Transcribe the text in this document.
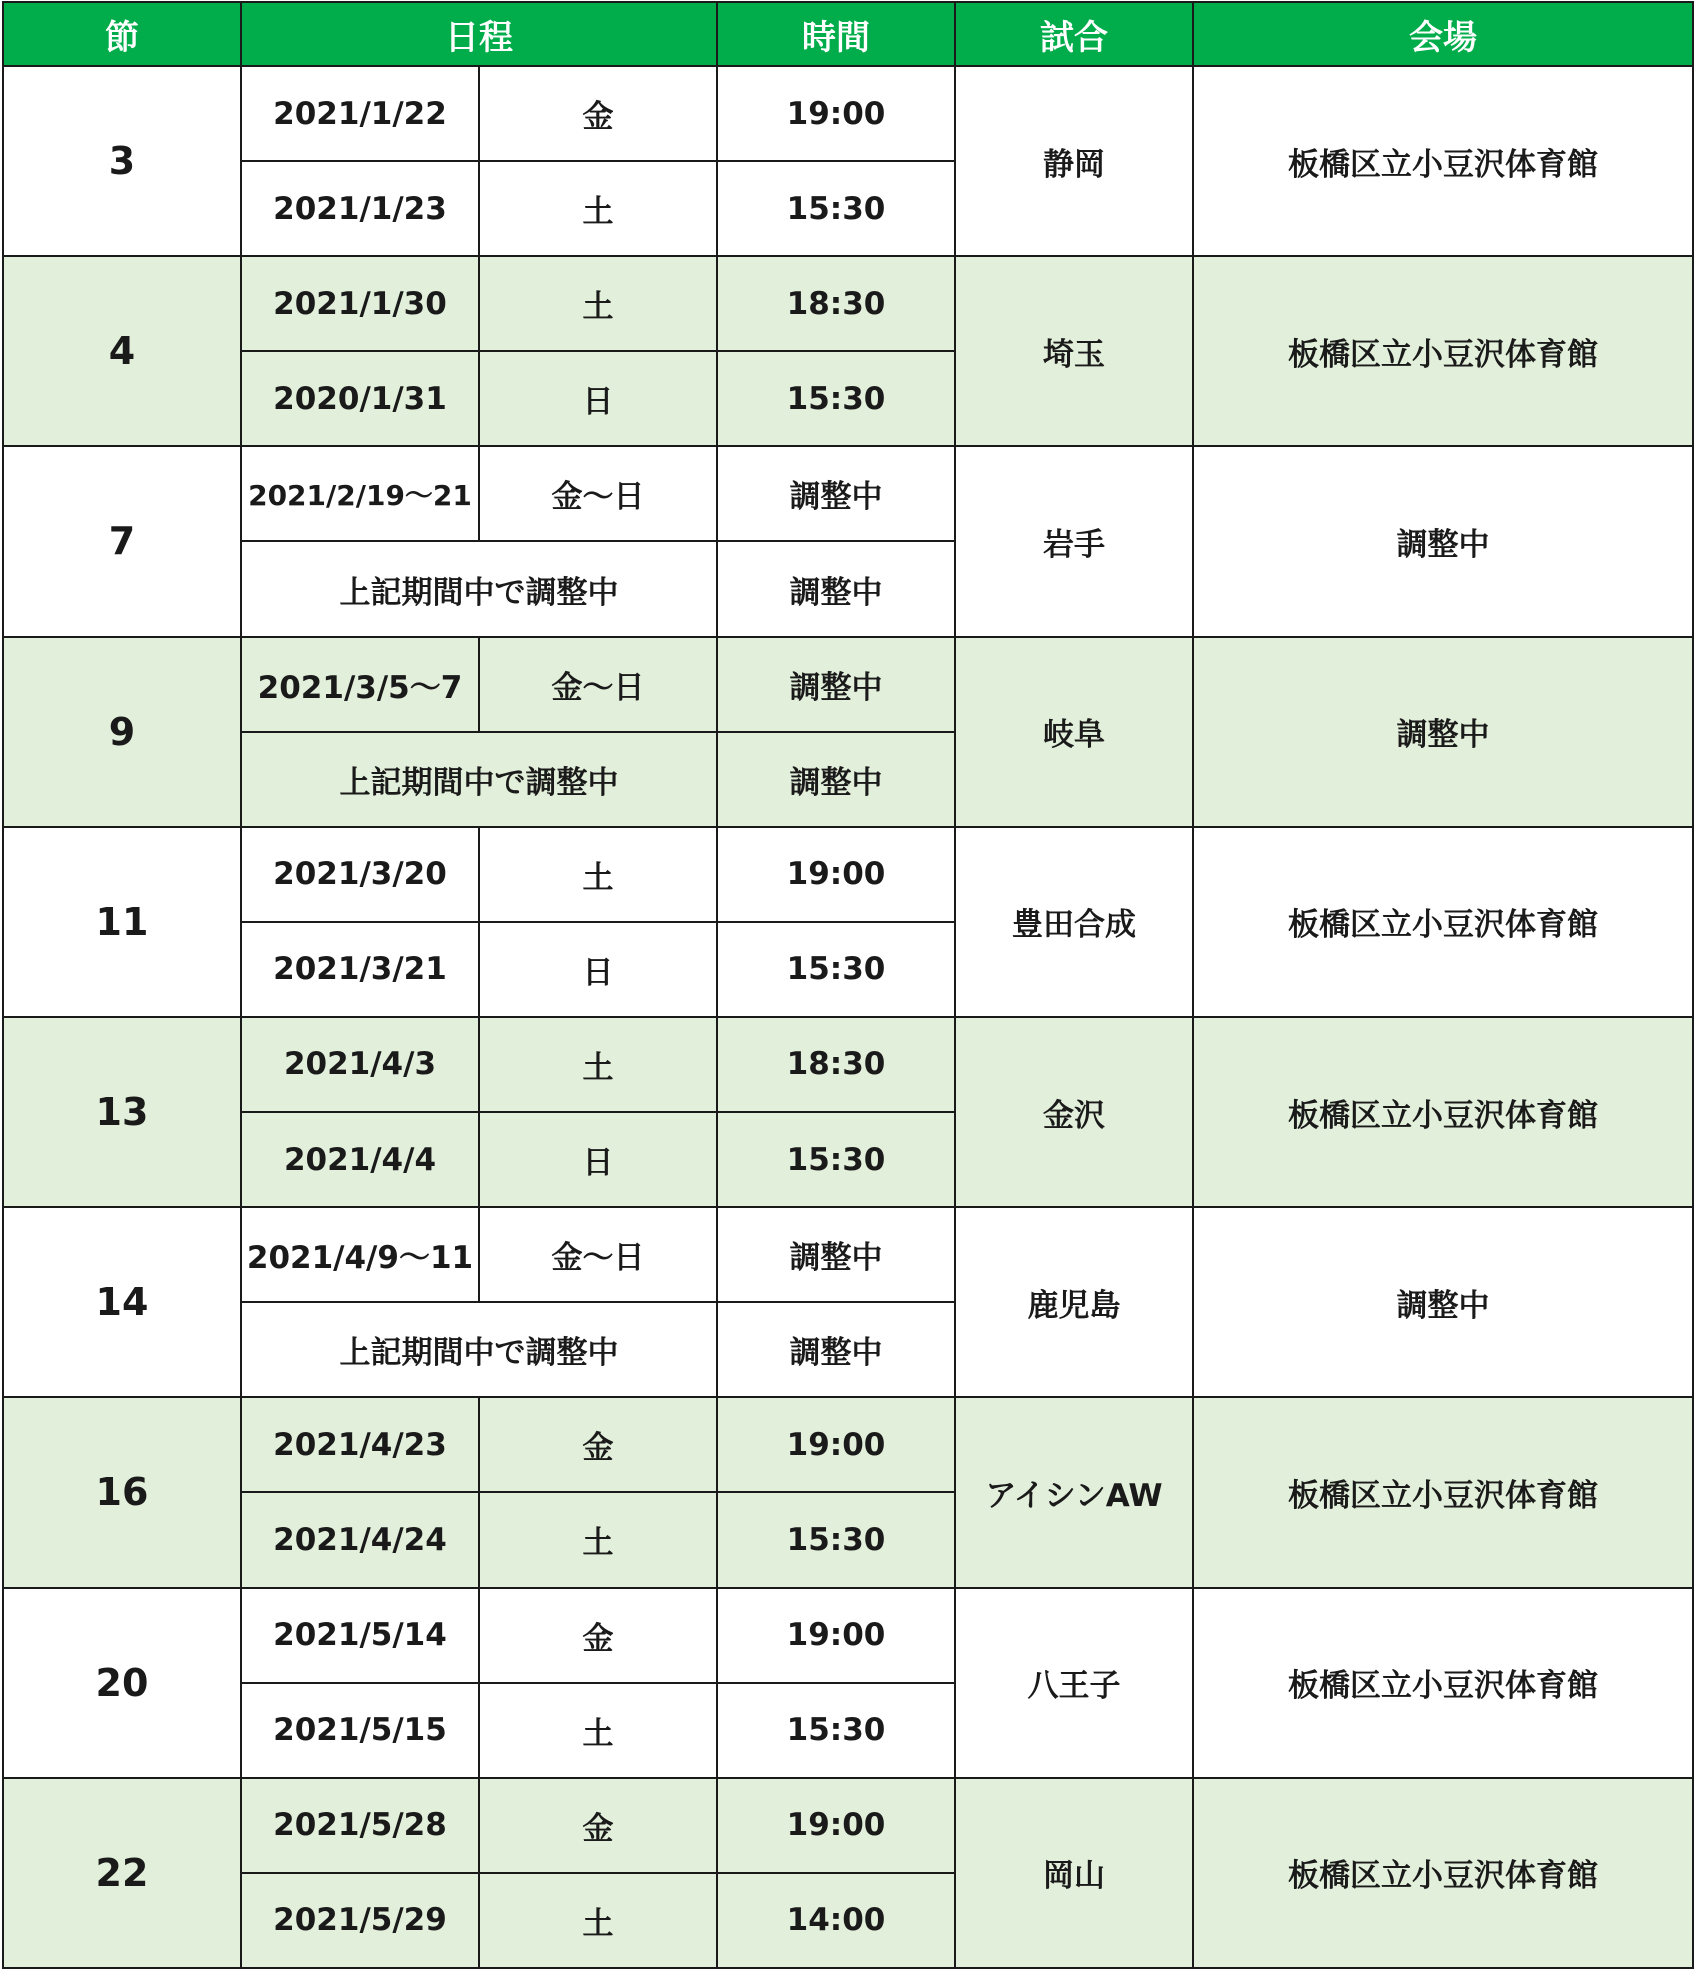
節	日程		時間	試合	会場
3	2021/1/22	金	19:00	静岡	板橋区立小豆沢体育館
	2021/1/23	土	15:30		
4	2021/1/30	土	18:30	埼玉	板橋区立小豆沢体育館
	2020/1/31	日	15:30		
7	2021/2/19～21	金～日	調整中	岩手	調整中
	上記期間中で調整中		調整中		
9	2021/3/5～7	金～日	調整中	岐阜	調整中
	上記期間中で調整中		調整中		
11	2021/3/20	土	19:00	豊田合成	板橋区立小豆沢体育館
	2021/3/21	日	15:30		
13	2021/4/3	土	18:30	金沢	板橋区立小豆沢体育館
	2021/4/4	日	15:30		
14	2021/4/9～11	金～日	調整中	鹿児島	調整中
	上記期間中で調整中		調整中		
16	2021/4/23	金	19:00	アイシンAW	板橋区立小豆沢体育館
	2021/4/24	土	15:30		
20	2021/5/14	金	19:00	八王子	板橋区立小豆沢体育館
	2021/5/15	土	15:30		
22	2021/5/28	金	19:00	岡山	板橋区立小豆沢体育館
	2021/5/29	土	14:00		
